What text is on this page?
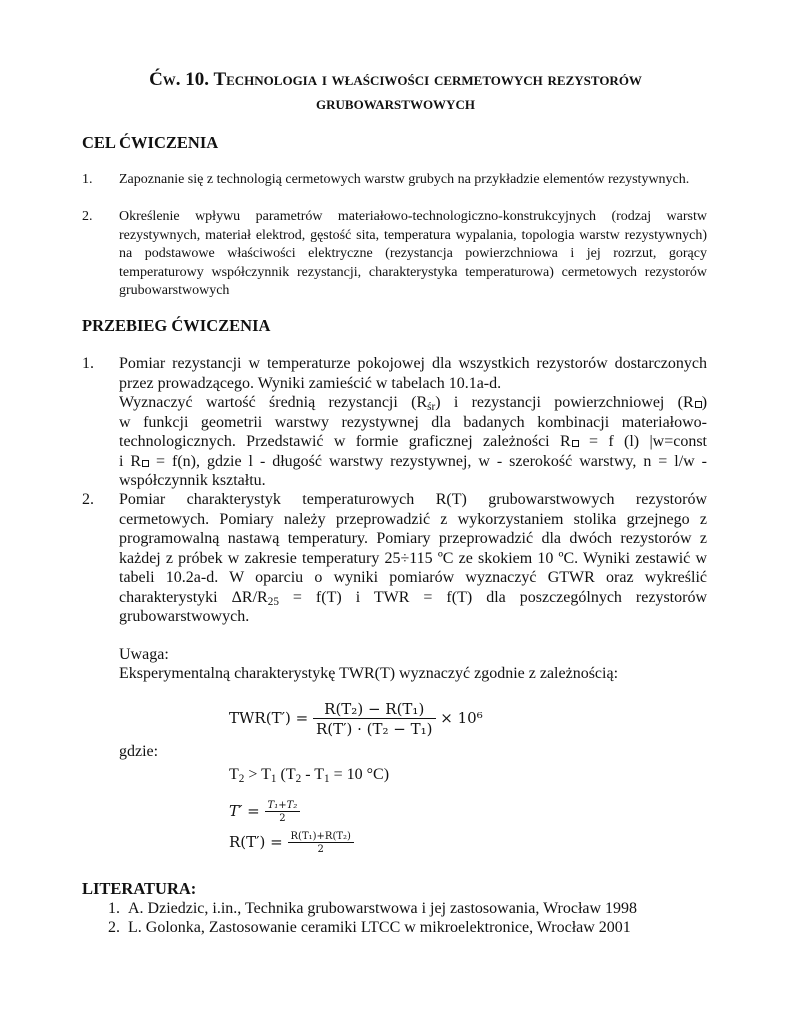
Ćw. 10. Technologia i właściwości cermetowych rezystorów
grubowarstwowych
CEL ĆWICZENIA
1. Zapoznanie się z technologią cermetowych warstw grubych na przykładzie elementów rezystywnych.
2. Określenie wpływu parametrów materiałowo-technologiczno-konstrukcyjnych (rodzaj warstw rezystywnych, materiał elektrod, gęstość sita, temperatura wypalania, topologia warstw rezystywnych) na podstawowe właściwości elektryczne (rezystancja powierzchniowa i jej rozrzut, gorący temperaturowy współczynnik rezystancji, charakterystyka temperaturowa) cermetowych rezystorów grubowarstwowych
PRZEBIEG ĆWICZENIA
1. Pomiar rezystancji w temperaturze pokojowej dla wszystkich rezystorów dostarczonych przez prowadzącego. Wyniki zamieścić w tabelach 10.1a-d.
Wyznaczyć wartość średnią rezystancji $(R_{śr})$ i rezystancji powierzchniowej (R )
w funkcji geometrii warstwy rezystywnej dla badanych kombinacji materiałowo-
technologicznych. Przedstawić w formie graficznej zależności R = f (l) |w=const
i R = f(n), gdzie l - długość warstwy rezystywnej, w - szerokość warstwy, n = l/w -
współczynnik kształtu.
2. Pomiar charakterystyk temperaturowych R(T) grubowarstwowych rezystorów cermetowych. Pomiary należy przeprowadzić z wykorzystaniem stolika grzejnego z programowalną nastawą temperatury. Pomiary przeprowadzić dla dwóch rezystorów z każdej z próbek w zakresie temperatury 25÷115 ºC ze skokiem 10 ºC. Wyniki zestawić w tabeli 10.2a-d. W oparciu o wyniki pomiarów wyznaczyć GTWR oraz wykreślić charakterystyki $\Delta R/R_{25} = f(T)$ i TWR = f(T) dla poszczególnych rezystorów grubowarstwowych.
Uwaga:
Eksperymentalną charakterystykę TWR(T) wyznaczyć zgodnie z zależnością:
$TWR(T') = \frac{\text{R(T₂) − R(T₁)}}{\text{R(T′) · (T₂ − T₁)}} \times 10^6$
gdzie:
$T_2 > T_1$ ($T_2 - T_1 = 10$ °C)
$T' = \frac{\text{T₁+T₂}}{2}$
$R(T') = \frac{\text{R(T₁)+R(T₂)}}{2}$
LITERATURA:
1. A. Dziedzic, i.in., Technika grubowarstwowa i jej zastosowania, Wrocław 1998
2. L. Golonka, Zastosowanie ceramiki LTCC w mikroelektronice, Wrocław 2001
